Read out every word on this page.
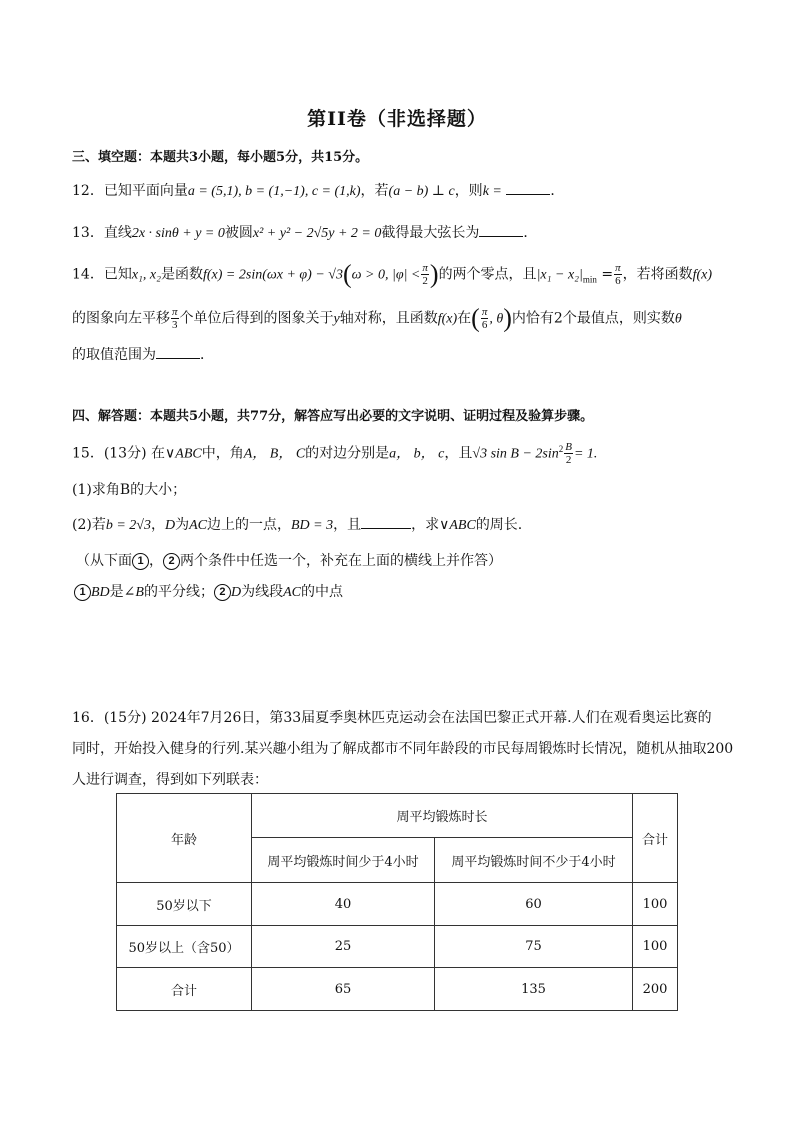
第II卷（非选择题）
三、填空题：本题共3小题，每小题5分，共15分。
12．已知平面向量a = (5,1), b = (1,−1), c = (1,k)，若(a − b) ⊥ c，则k =	．
13．直线2x · sinθ + y = 0被圆x² + y² − 2√5y + 2 = 0截得最大弦长为	．
14．已知x₁, x₂是函数f(x) = 2sin(ωx + φ) − √3(ω > 0, $|\varphi| < \frac{\pi}{2}$ )的两个零点，且$|x_1 - x_2|_{min} = \frac{\pi}{6}$ ，若将函数f(x)
的图象向左平移 $\frac{\pi}{3}$ 个单位后得到的图象关于y轴对称，且函数f(x)在( $\frac{\pi}{6}$ , θ)内恰有2个最值点，则实数θ
的取值范围为	．
四、解答题：本题共5小题，共77分，解答应写出必要的文字说明、证明过程及验算步骤。
15．(13分) 在∨ABC中，角A， B， C的对边分别是a， b， c，且√3 $\sin B - 2\sin^2 \frac{B}{2} = 1$.
(1)求角B的大小；
(2)若b = 2√3，D为AC边上的一点，BD = 3，且	，求∨ABC的周长.
（从下面 1 ， 2 两个条件中任选一个，补充在上面的横线上并作答）
1 BD是∠B的平分线； 2 D为线段AC的中点
16．(15分) 2024年7月26日，第33届夏季奥林匹克运动会在法国巴黎正式开幕.人们在观看奥运比赛的
同时，开始投入健身的行列.某兴趣小组为了解成都市不同年龄段的市民每周锻炼时长情况，随机从抽取200
人进行调查，得到如下列联表：
年龄	周平均锻炼时长		合计
	周平均锻炼时间少于4小时	周平均锻炼时间不少于4小时	
50岁以下	40	60	100
50岁以上（含50）	25	75	100
合计	65	135	200
